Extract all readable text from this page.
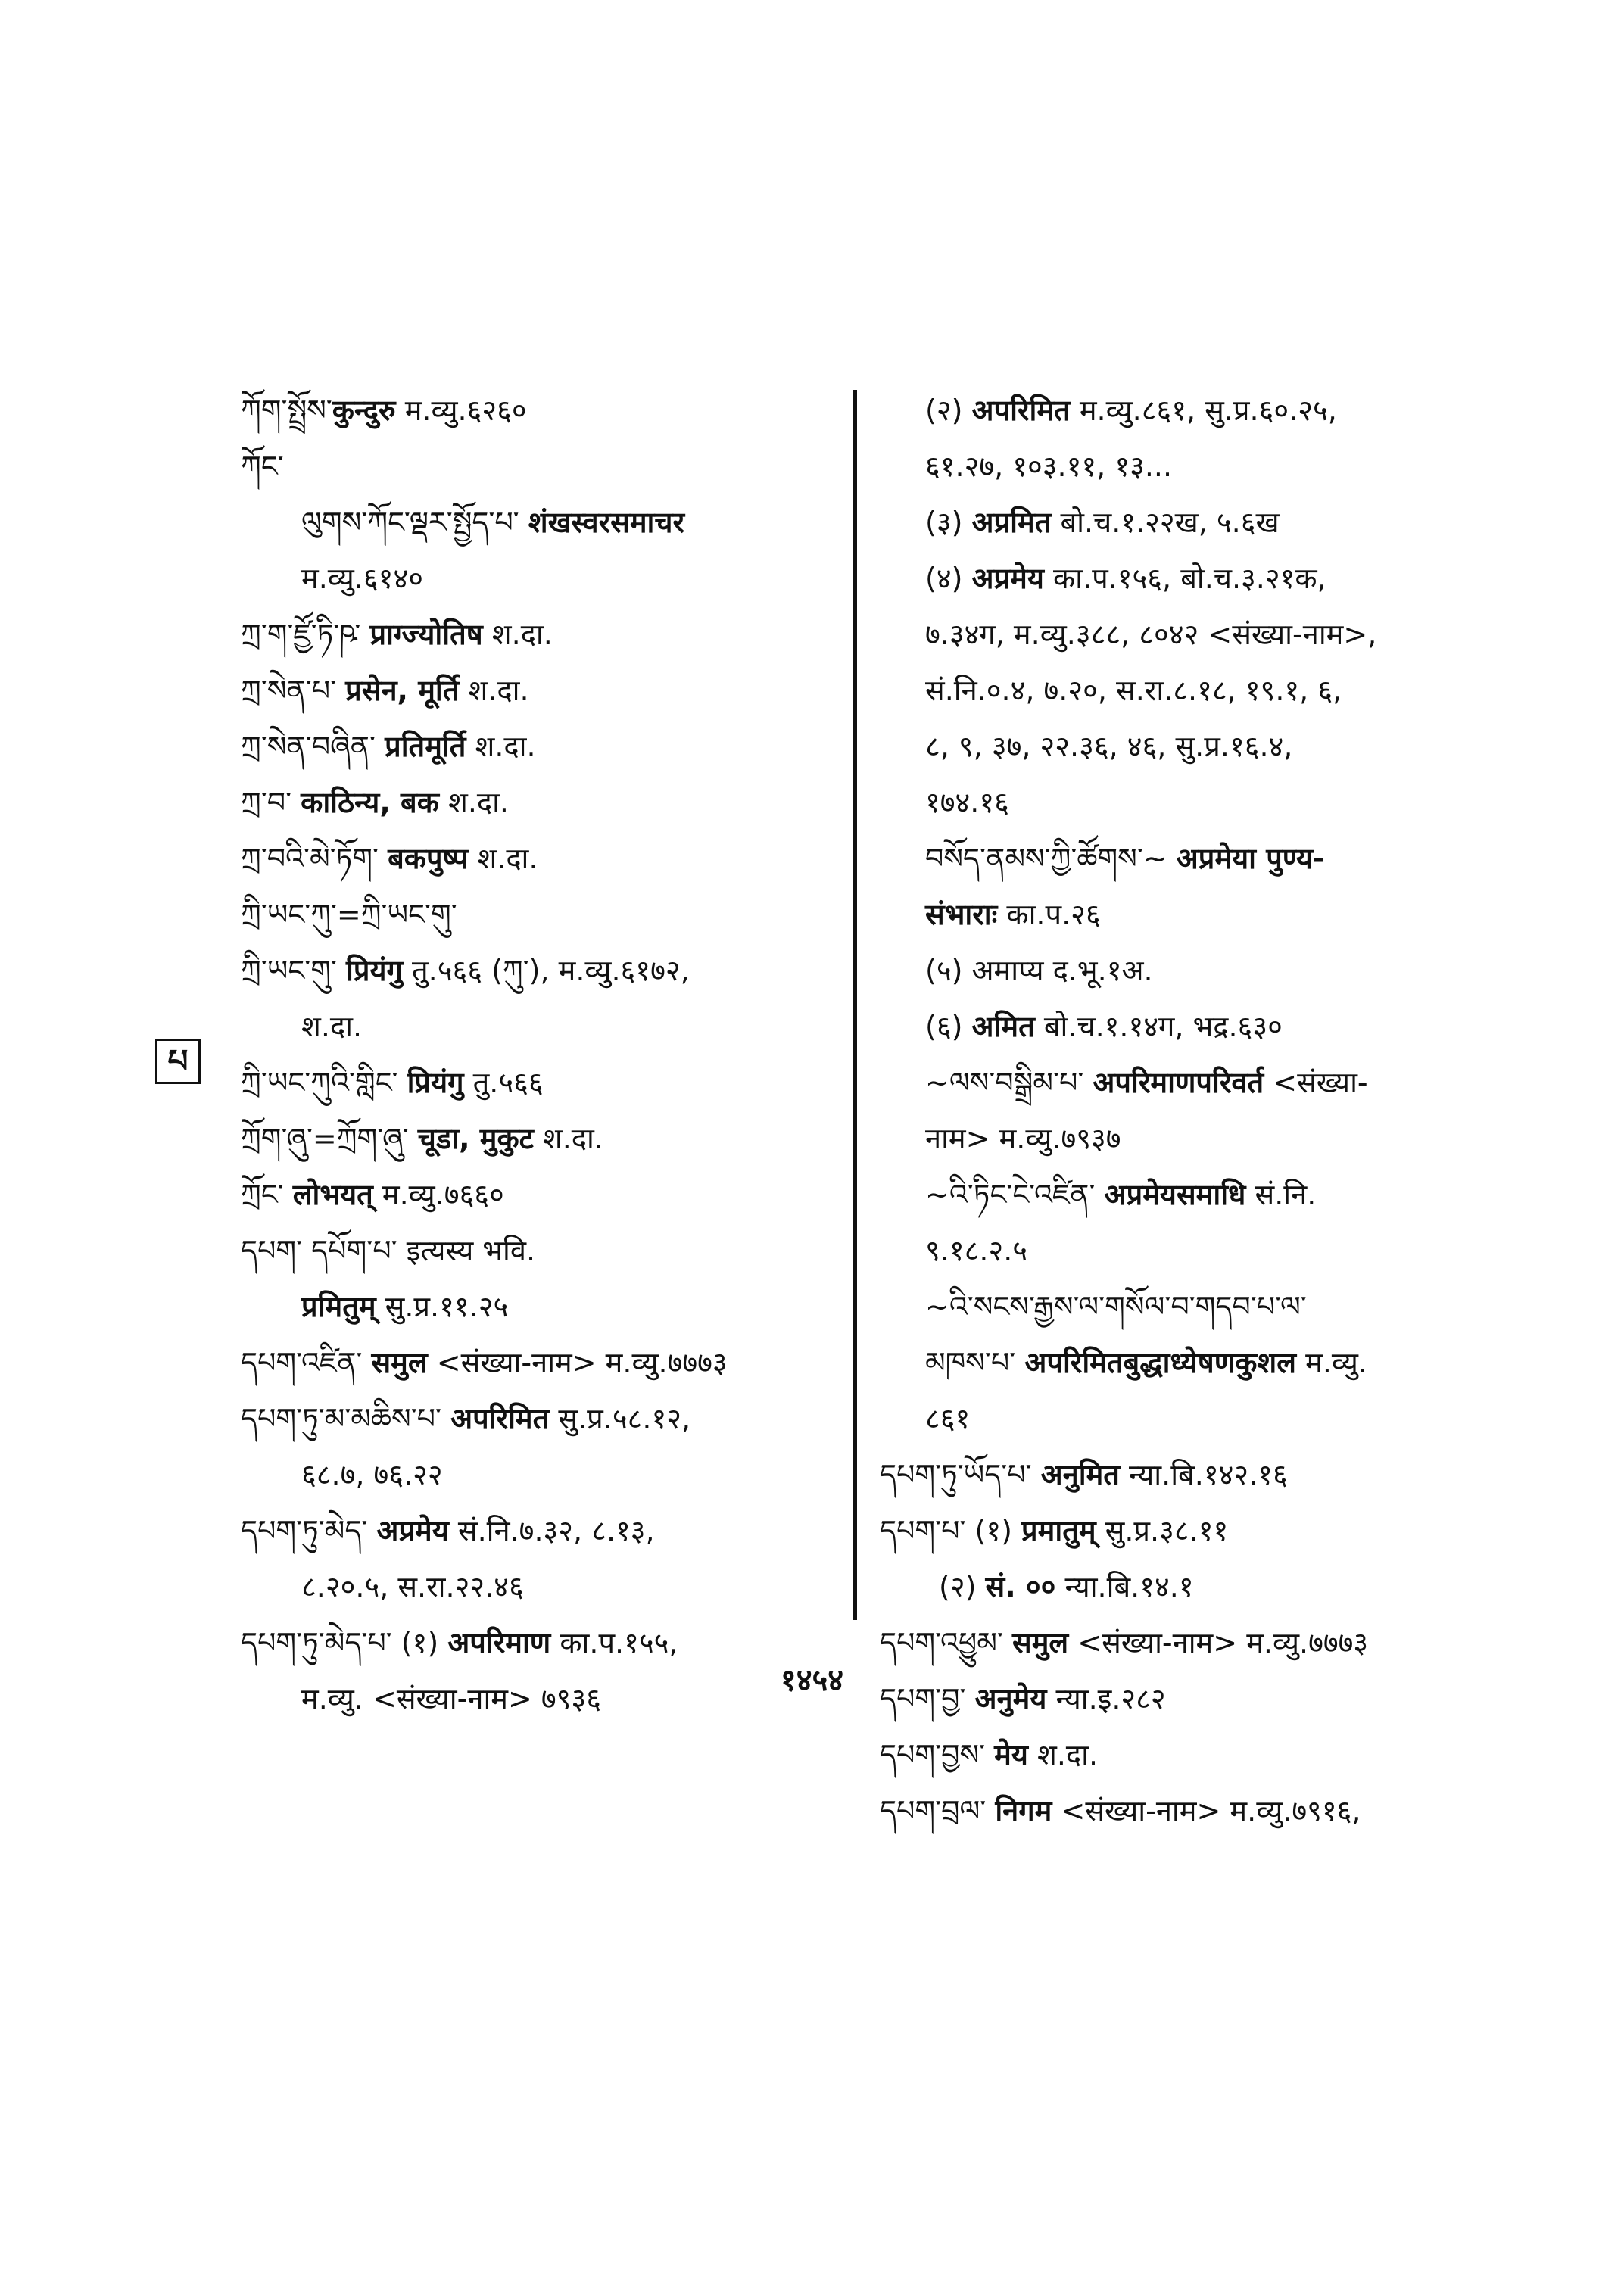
ཀོག་སྤྲོས་कुन्दुरु म.व्यु.६२६०
ཀོང་
ལུགས་ཀོང་ལྡར་སྤྱོད་པ་ शंखस्वरसमाचर
म.व्यु.६१४०
ཀྲ་ག་ཛྱོ་ཏི་ཥ་ प्राग्ज्योतिष श.दा.
ཀྲ་སེན་པ་ प्रसेन, मूर्ति श.दा.
ཀྲ་སེན་བཞིན་ प्रतिमूर्ति श.दा.
ཀྲ་བ་ काठिन्य, बक श.दा.
ཀྲ་བའི་མེ་ཏོག་ बकपुष्प श.दा.
ཀྲི་ཡང་ཀུ་=ཀྲི་ཡང་གུ་
ཀྲི་ཡང་གུ་ प्रियंगु तु.५६६ (ཀུ་), म.व्यु.६१७२,
श.दा.
ཀྲི་ཡང་ཀུའི་གླིང་ प्रियंगु तु.५६६
ཀྲོག་ཞུ་=ཀྲོག་ཞུ་ चूडा, मुकुट श.दा.
ཀྲོང་ लोभयत् म.व्यु.७६६०
དཔག་ དཔོག་པ་ इत्यस्य भवि.
प्रमितुम् सु.प्र.११.२५
དཔག་འཛིན་ समुल <संख्या-नाम> म.व्यु.७७७३
དཔག་ཏུ་མ་མཆིས་པ་ अपरिमित सु.प्र.५८.१२,
६८.७, ७६.२२
དཔག་ཏུ་མེད་ अप्रमेय सं.नि.७.३२, ८.१३,
८.२०.५, स.रा.२२.४६
དཔག་ཏུ་མེད་པ་ (१) अपरिमाण का.प.१५५,
म.व्यु. <संख्या-नाम> ७९३६
(२) अपरिमित म.व्यु.८६१, सु.प्र.६०.२५,
६१.२७, १०३.११, १३...
(३) अप्रमित बो.च.१.२२ख, ५.६ख
(४) अप्रमेय का.प.१५६, बो.च.३.२१क,
७.३४ग, म.व्यु.३८८, ८०४२ <संख्या-नाम>,
सं.नि.०.४, ७.२०, स.रा.८.१८, १९.१, ६,
८, ९, ३७, २२.३६, ४६, सु.प्र.१६.४,
१७४.१६
བསོད་ནམས་ཀྱི་ཚོགས་~ अप्रमेया पुण्य-
संभाराः का.प.२६
(५) अमाप्य द.भू.१अ.
(६) अमित बो.च.१.१४ग, भद्र.६३०
~ལས་བསྒྲིམ་པ་ अपरिमाणपरिवर्त <संख्या-
नाम> म.व्यु.७९३७
~འི་ཏིང་ངེ་འཛིན་ अप्रमेयसमाधि सं.नि.
९.१८.२.५
~འི་སངས་རྒྱས་ལ་གསོལ་བ་གདབ་པ་ལ་
མཁས་པ་ अपरिमितबुद्धाध्येषणकुशल म.व्यु.
८६१
དཔག་ཏུ་ཡོད་པ་ अनुमित न्या.बि.१४२.१६
དཔག་པ་ (१) प्रमातुम् सु.प्र.३८.११
(२) सं. ०० न्या.बि.१४.१
དཔག་འཕྱུམ་ समुल <संख्या-नाम> म.व्यु.७७७३
དཔག་བྱ་ अनुमेय न्या.इ.२८२
དཔག་བྱས་ मेय श.दा.
དཔག་བྲལ་ निगम <संख्या-नाम> म.व्यु.७९१६,
པ
१४५४
